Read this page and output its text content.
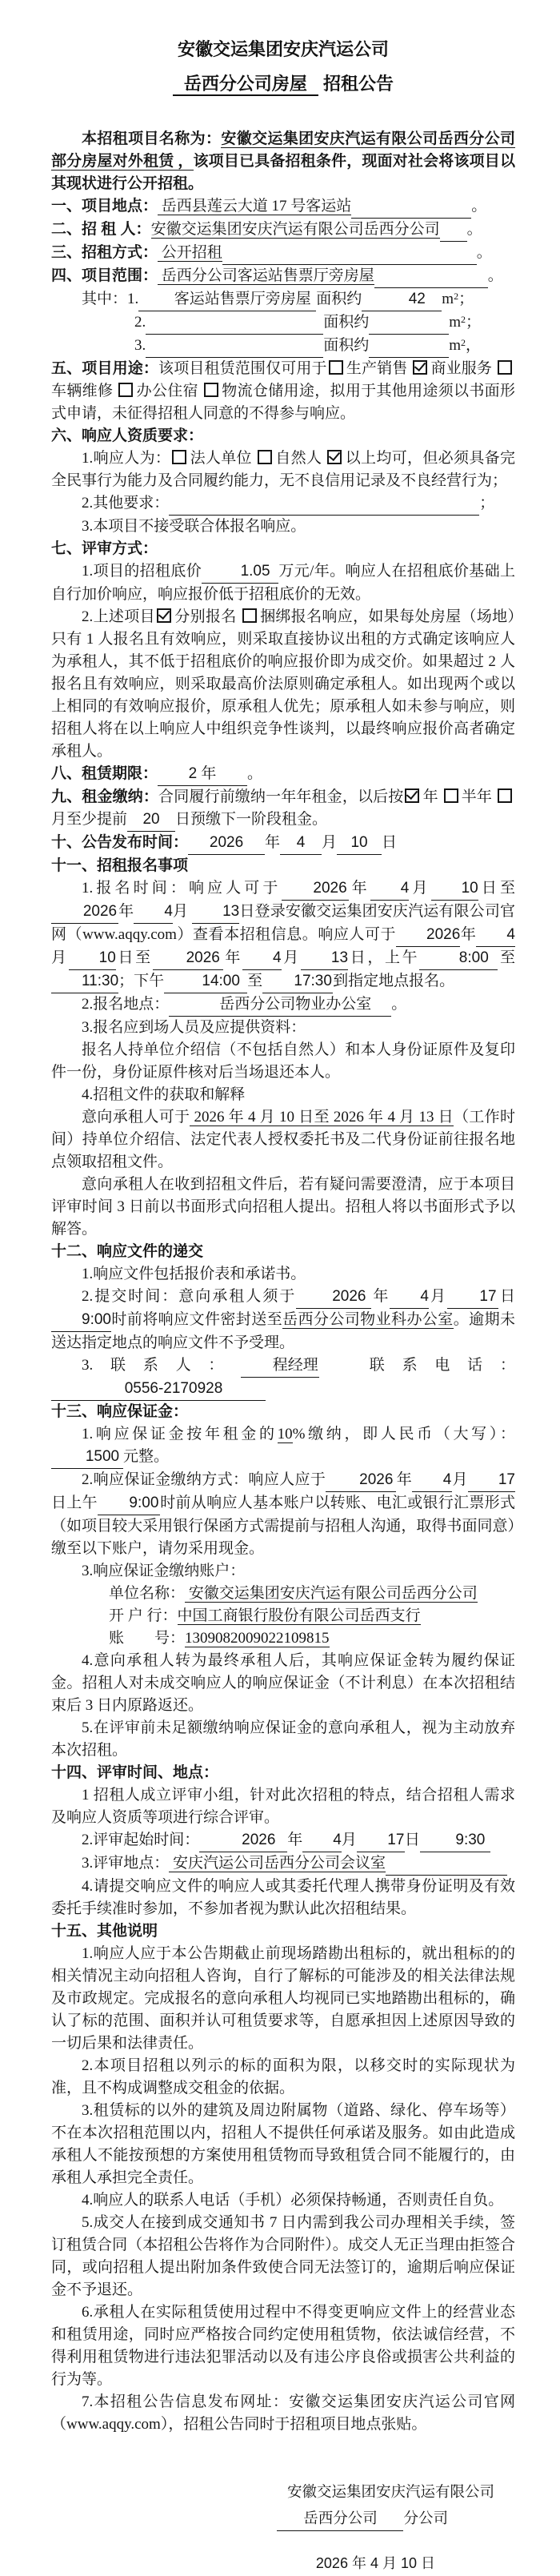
安徽交运集团安庆汽运公司
岳西分公司房屋 招租公告

本招租项目名称为：安徽交运集团安庆汽运有限公司岳西分公司部分房屋对外租赁 ，该项目已具备招租条件，现面对社会将该项目以其现状进行公开招租。

一、项目地点： 岳西县莲云大道 17 号客运站	。

二、招 租 人：安徽交运集团安庆汽运有限公司岳西分公司 。

三、招租方式： 公开招租	。

四、项目范围： 岳西分公司客运站售票厅旁房屋	。

其中：1. 客运站售票厅旁房屋 面积约	42 $m^2$；

2.	面积约	$m^2$；

3.	面积约	$m^2$，

五、项目用途：该项目租赁范围仅可用于 生产销售 商业服务 车辆维修 办公住宿 物流仓储用途，拟用于其他用途须以书面形式申请，未征得招租人同意的不得参与响应。

六、响应人资质要求：

1.响应人为： 法人单位 自然人 以上均可，但必须具备完全民事行为能力及合同履约能力，无不良信用记录及不良经营行为；

2.其他要求：	；

3.本项目不接受联合体报名响应。

七、评审方式：

1.项目的招租底价	1.05 万元/年。响应人在招租底价基础上自行加价响应，响应报价低于招租底价的无效。

2.上述项目 分别报名 捆绑报名响应，如果每处房屋（场地）只有 1 人报名且有效响应，则采取直接协议出租的方式确定该响应人为承租人，其不低于招租底价的响应报价即为成交价。如果超过 2 人报名且有效响应，则采取最高价法原则确定承租人。如出现两个或以上相同的有效响应报价，原承租人优先；原承租人如未参与响应，则招租人将在以上响应人中组织竞争性谈判，以最终响应报价高者确定承租人。

八、租赁期限： 2 年 。

九、租金缴纳：合同履行前缴纳一年年租金，以后按 年 半年 月至少提前 20 日预缴下一阶段租金。

十、公告发布时间： 2026 年 4 月 10 日

十一、招租报名事项

1.报名时间：响应人可于 2026年 4月 10日至2026年 4月 13日登录安徽交运集团安庆汽运有限公司官网（www.aqqy.com）查看本招租信息。响应人可于 2026年 4月 10日至 2026 年 4月 13日，上午	8:00 至11:30；下午 14:00 至 17:30到指定地点报名。

2.报名地点：	岳西分公司物业办公室 。

3.报名应到场人员及应提供资料：

报名人持单位介绍信（不包括自然人）和本人身份证原件及复印件一份，身份证原件核对后当场退还本人。

4.招租文件的获取和解释

意向承租人可于 2026 年 4 月 10 日至 2026 年 4 月 13 日（工作时间）持单位介绍信、法定代表人授权委托书及二代身份证前往报名地点领取招租文件。

意向承租人在收到招租文件后，若有疑问需要澄清，应于本项目评审时间 3 日前以书面形式向招租人提出。招租人将以书面形式予以解答。

十二、响应文件的递交

1.响应文件包括报价表和承诺书。

2.提交时间：意向承租人须于 2026 年 4月 17 日9:00时前将响应文件密封送至岳西分公司物业科办公室。逾期未送达指定地点的响应文件不予受理。

3.联系人： 程经理　联系电话：0556-2170928

十三、响应保证金：

1.响应保证金按年租金的10%缴纳，即人民币（大写）：1500 元整。

2.响应保证金缴纳方式：响应人应于 2026 年 4月 17日上午 9:00时前从响应人基本账户以转账、电汇或银行汇票形式（如项目较大采用银行保函方式需提前与招租人沟通，取得书面同意）缴至以下账户，请勿采用现金。

3.响应保证金缴纳账户：

单位名称： 安徽交运集团安庆汽运有限公司岳西分公司

开 户 行：中国工商银行股份有限公司岳西支行

账　　号：1309082009022109815

4.意向承租人转为最终承租人后，其响应保证金转为履约保证金。招租人对未成交响应人的响应保证金（不计利息）在本次招租结束后 3 日内原路返还。

5.在评审前未足额缴纳响应保证金的意向承租人，视为主动放弃本次招租。

十四、评审时间、地点：

1 招租人成立评审小组，针对此次招租的特点，结合招租人需求及响应人资质等项进行综合评审。

2.评审起始时间：	2026 年 4月 17日 9:30

3.评审地点： 安庆汽运公司岳西分公司会议室

4.请提交响应文件的响应人或其委托代理人携带身份证明及有效委托手续准时参加，不参加者视为默认此次招租结果。

十五、其他说明

1.响应人应于本公告期截止前现场踏勘出租标的，就出租标的的相关情况主动向招租人咨询，自行了解标的可能涉及的相关法律法规及市政规定。完成报名的意向承租人均视同已实地踏勘出租标的，确认了标的范围、面积并认可租赁要求等，自愿承担因上述原因导致的一切后果和法律责任。

2.本项目招租以列示的标的面积为限，以移交时的实际现状为准，且不构成调整成交租金的依据。

3.租赁标的以外的建筑及周边附属物（道路、绿化、停车场等）不在本次招租范围以内，招租人不提供任何承诺及服务。如由此造成承租人不能按预想的方案使用租赁物而导致租赁合同不能履行的，由承租人承担完全责任。

4.响应人的联系人电话（手机）必须保持畅通，否则责任自负。

5.成交人在接到成交通知书 7 日内需到我公司办理相关手续，签订租赁合同（本招租公告将作为合同附件）。成交人无正当理由拒签合同，或向招租人提出附加条件致使合同无法签订的，逾期后响应保证金不予退还。

6.承租人在实际租赁使用过程中不得变更响应文件上的经营业态和租赁用途，同时应严格按合同约定使用租赁物，依法诚信经营，不得利用租赁物进行违法犯罪活动以及有违公序良俗或损害公共利益的行为等。

7.本招租公告信息发布网址：安徽交运集团安庆汽运公司官网（www.aqqy.com），招租公告同时于招租项目地点张贴。

安徽交运集团安庆汽运有限公司

岳西分公司 分公司

2026 年 4 月 10 日
